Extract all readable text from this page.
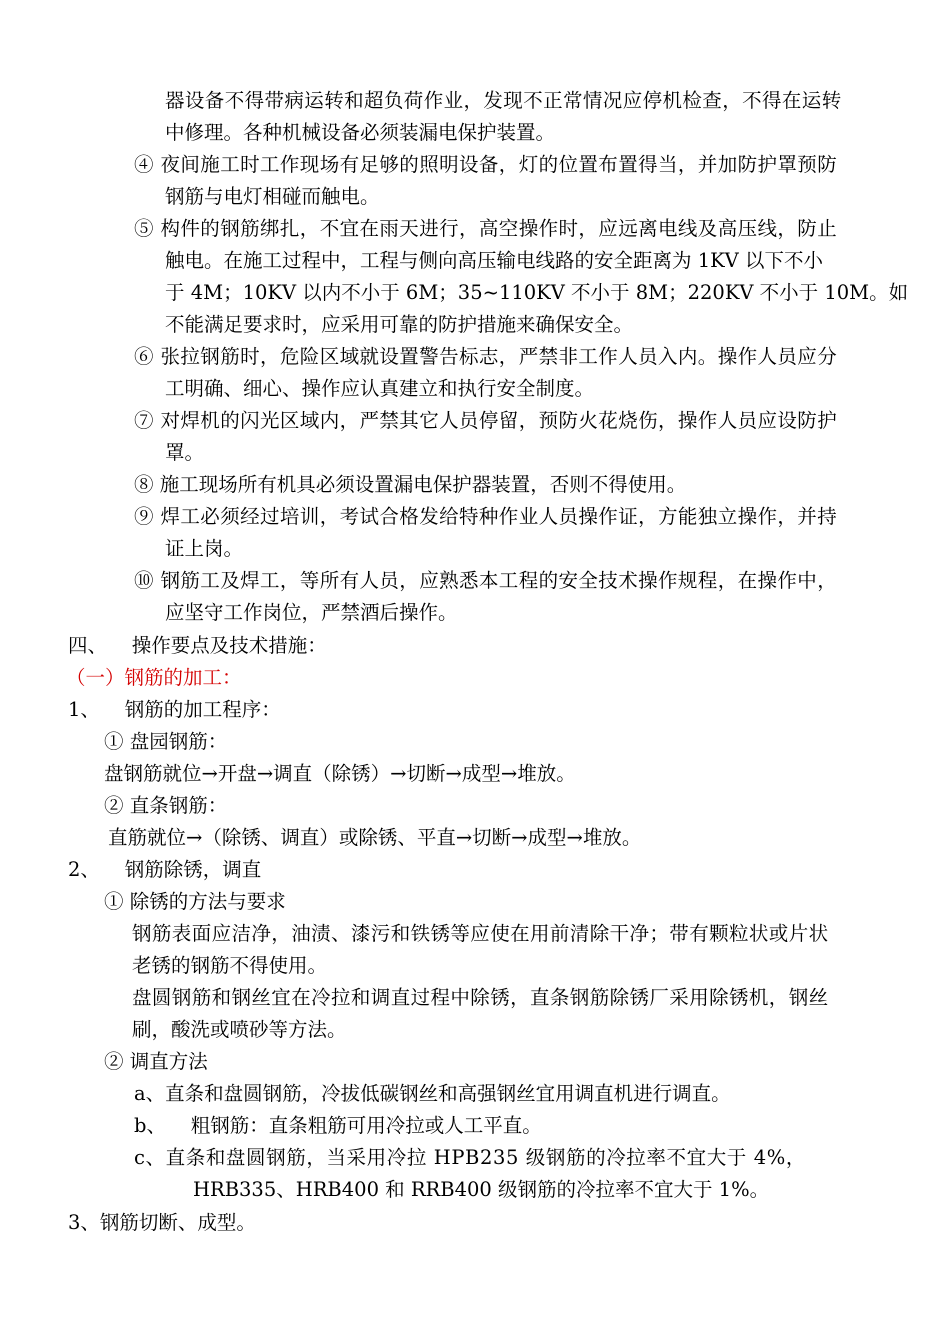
器设备不得带病运转和超负荷作业，发现不正常情况应停机检查，不得在运转
中修理。各种机械设备必须装漏电保护装置。
④ 夜间施工时工作现场有足够的照明设备，灯的位置布置得当，并加防护罩预防
钢筋与电灯相碰而触电。
⑤ 构件的钢筋绑扎，不宜在雨天进行，高空操作时，应远离电线及高压线，防止
触电。在施工过程中，工程与侧向高压输电线路的安全距离为 1KV 以下不小
于 4M；10KV 以内不小于 6M；35~110KV 不小于 8M；220KV 不小于 10M。如
不能满足要求时，应采用可靠的防护措施来确保安全。
⑥ 张拉钢筋时，危险区域就设置警告标志，严禁非工作人员入内。操作人员应分
工明确、细心、操作应认真建立和执行安全制度。
⑦ 对焊机的闪光区域内，严禁其它人员停留，预防火花烧伤，操作人员应设防护
罩。
⑧ 施工现场所有机具必须设置漏电保护器装置，否则不得使用。
⑨ 焊工必须经过培训，考试合格发给特种作业人员操作证，方能独立操作，并持
证上岗。
⑩ 钢筋工及焊工，等所有人员，应熟悉本工程的安全技术操作规程，在操作中，
应坚守工作岗位，严禁酒后操作。
四、    操作要点及技术措施：
（一）钢筋的加工：
1、    钢筋的加工程序：
① 盘园钢筋：
盘钢筋就位→开盘→调直（除锈）→切断→成型→堆放。
② 直条钢筋：
直筋就位→（除锈、调直）或除锈、平直→切断→成型→堆放。
2、    钢筋除锈，调直
① 除锈的方法与要求
钢筋表面应洁净，油渍、漆污和铁锈等应使在用前清除干净；带有颗粒状或片状
老锈的钢筋不得使用。
盘圆钢筋和钢丝宜在冷拉和调直过程中除锈，直条钢筋除锈厂采用除锈机，钢丝
刷，酸洗或喷砂等方法。
② 调直方法
a、直条和盘圆钢筋，冷拔低碳钢丝和高强钢丝宜用调直机进行调直。
b、    粗钢筋：直条粗筋可用冷拉或人工平直。
c、直条和盘圆钢筋，当采用冷拉 HPB235 级钢筋的冷拉率不宜大于 4%，
HRB335、HRB400 和 RRB400 级钢筋的冷拉率不宜大于 1%。
3、钢筋切断、成型。
